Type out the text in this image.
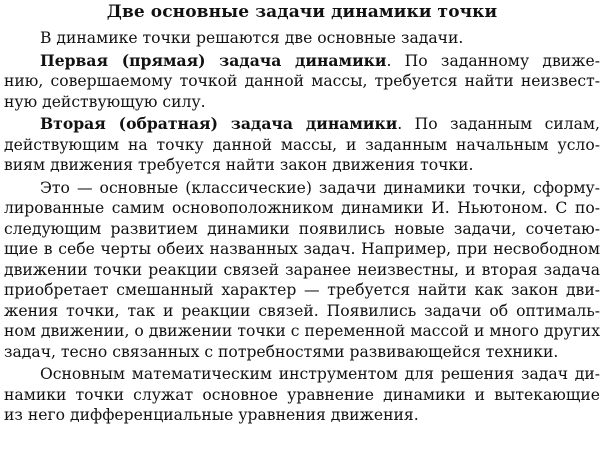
Две основные задачи динамики точки
В динамике точки решаются две основные задачи.
Первая (прямая) задача динамики. По заданному движе-
нию, совершаемому точкой данной массы, требуется найти неизвест-
ную действующую силу.
Вторая (обратная) задача динамики. По заданным силам,
действующим на точку данной массы, и заданным начальным усло-
виям движения требуется найти закон движения точки.
Это — основные (классические) задачи динамики точки, сформу-
лированные самим основоположником динамики И. Ньютоном. С по-
следующим развитием динамики появились новые задачи, сочетаю-
щие в себе черты обеих названных задач. Например, при несвободном
движении точки реакции связей заранее неизвестны, и вторая задача
приобретает смешанный характер — требуется найти как закон дви-
жения точки, так и реакции связей. Появились задачи об оптималь-
ном движении, о движении точки с переменной массой и много других
задач, тесно связанных с потребностями развивающейся техники.
Основным математическим инструментом для решения задач ди-
намики точки служат основное уравнение динамики и вытекающие
из него дифференциальные уравнения движения.
